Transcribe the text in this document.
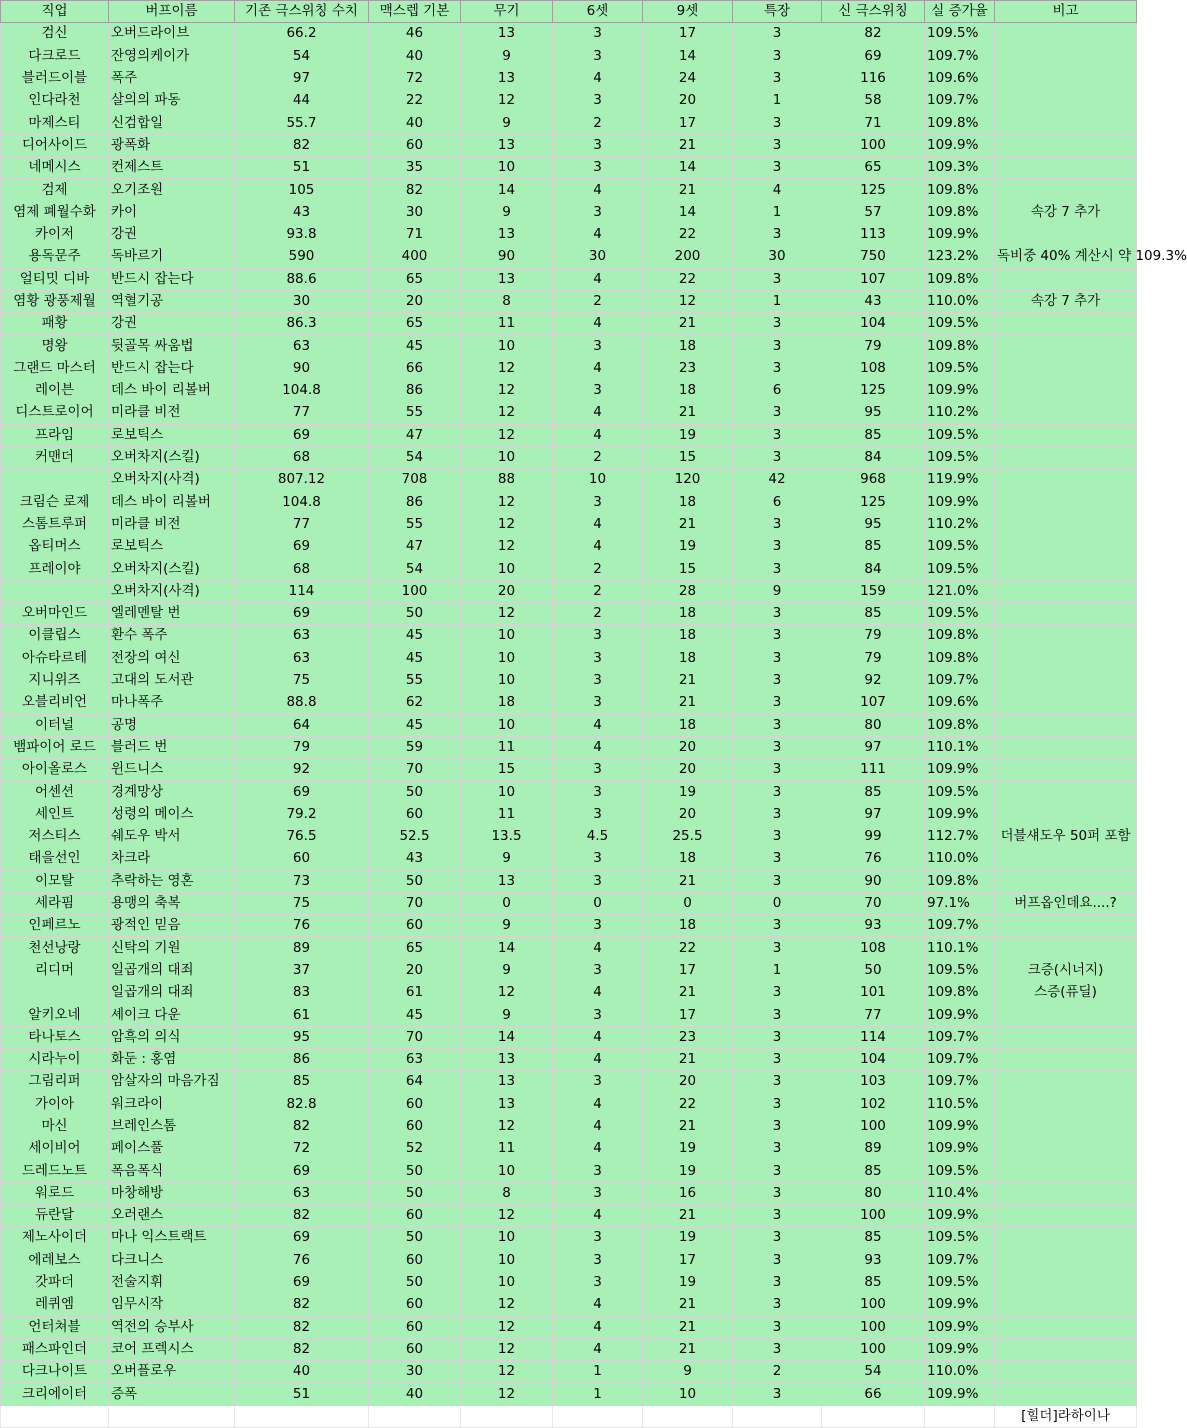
직업	버프이름	기존 극스위칭 수치	맥스렙 기본	무기	6셋	9셋	특장	신 극스위칭	실 증가율	비고
검신	오버드라이브	66.2	46	13	3	17	3	82	109.5%	
다크로드	잔영의케이가	54	40	9	3	14	3	69	109.7%	
블러드이블	폭주	97	72	13	4	24	3	116	109.6%	
인다라천	살의의 파동	44	22	12	3	20	1	58	109.7%	
마제스티	신검합일	55.7	40	9	2	17	3	71	109.8%	
디어사이드	광폭화	82	60	13	3	21	3	100	109.9%	
네메시스	컨제스트	51	35	10	3	14	3	65	109.3%	
검제	오기조원	105	82	14	4	21	4	125	109.8%	
염제 폐월수화	카이	43	30	9	3	14	1	57	109.8%	속강 7 추가
카이저	강권	93.8	71	13	4	22	3	113	109.9%	
용독문주	독바르기	590	400	90	30	200	30	750	123.2%	독비중 40% 계산시 약 109.3%
얼티밋 디바	반드시 잡는다	88.6	65	13	4	22	3	107	109.8%	
염황 광풍제월	역혈기공	30	20	8	2	12	1	43	110.0%	속강 7 추가
패황	강권	86.3	65	11	4	21	3	104	109.5%	
명왕	뒷골목 싸움법	63	45	10	3	18	3	79	109.8%	
그랜드 마스터	반드시 잡는다	90	66	12	4	23	3	108	109.5%	
레이븐	데스 바이 리볼버	104.8	86	12	3	18	6	125	109.9%	
디스트로이어	미라클 비전	77	55	12	4	21	3	95	110.2%	
프라임	로보틱스	69	47	12	4	19	3	85	109.5%	
커맨더	오버차지(스킬)	68	54	10	2	15	3	84	109.5%	
	오버차지(사격)	807.12	708	88	10	120	42	968	119.9%	
크림슨 로제	데스 바이 리볼버	104.8	86	12	3	18	6	125	109.9%	
스톰트루퍼	미라클 비전	77	55	12	4	21	3	95	110.2%	
옵티머스	로보틱스	69	47	12	4	19	3	85	109.5%	
프레이야	오버차지(스킬)	68	54	10	2	15	3	84	109.5%	
	오버차지(사격)	114	100	20	2	28	9	159	121.0%	
오버마인드	엘레멘탈 번	69	50	12	2	18	3	85	109.5%	
이클립스	환수 폭주	63	45	10	3	18	3	79	109.8%	
아슈타르테	전장의 여신	63	45	10	3	18	3	79	109.8%	
지니위즈	고대의 도서관	75	55	10	3	21	3	92	109.7%	
오블리비언	마나폭주	88.8	62	18	3	21	3	107	109.6%	
이터널	공명	64	45	10	4	18	3	80	109.8%	
뱀파이어 로드	블러드 번	79	59	11	4	20	3	97	110.1%	
아이올로스	윈드니스	92	70	15	3	20	3	111	109.9%	
어센션	경계망상	69	50	10	3	19	3	85	109.5%	
세인트	성령의 메이스	79.2	60	11	3	20	3	97	109.9%	
저스티스	쉐도우 박서	76.5	52.5	13.5	4.5	25.5	3	99	112.7%	더블섀도우 50퍼 포함
태을선인	차크라	60	43	9	3	18	3	76	110.0%	
이모탈	추락하는 영혼	73	50	13	3	21	3	90	109.8%	
세라핌	용맹의 축복	75	70	0	0	0	0	70	97.1%	버프옵인데요....?
인페르노	광적인 믿음	76	60	9	3	18	3	93	109.7%	
천선낭랑	신탁의 기원	89	65	14	4	22	3	108	110.1%	
리디머	일곱개의 대죄	37	20	9	3	17	1	50	109.5%	크증(시너지)
	일곱개의 대죄	83	61	12	4	21	3	101	109.8%	스증(퓨딜)
알키오네	셰이크 다운	61	45	9	3	17	3	77	109.9%	
타나토스	암흑의 의식	95	70	14	4	23	3	114	109.7%	
시라누이	화둔 : 홍염	86	63	13	4	21	3	104	109.7%	
그림리퍼	암살자의 마음가짐	85	64	13	3	20	3	103	109.7%	
가이아	워크라이	82.8	60	13	4	22	3	102	110.5%	
마신	브레인스톰	82	60	12	4	21	3	100	109.9%	
세이비어	페이스풀	72	52	11	4	19	3	89	109.9%	
드레드노트	폭음폭식	69	50	10	3	19	3	85	109.5%	
워로드	마창해방	63	50	8	3	16	3	80	110.4%	
듀란달	오러랜스	82	60	12	4	21	3	100	109.9%	
제노사이더	마나 익스트랙트	69	50	10	3	19	3	85	109.5%	
에레보스	다크니스	76	60	10	3	17	3	93	109.7%	
갓파더	전술지휘	69	50	10	3	19	3	85	109.5%	
레퀴엠	임무시작	82	60	12	4	21	3	100	109.9%	
언터쳐블	역전의 승부사	82	60	12	4	21	3	100	109.9%	
패스파인더	코어 프렉시스	82	60	12	4	21	3	100	109.9%	
다크나이트	오버플로우	40	30	12	1	9	2	54	110.0%	
크리에이터	증폭	51	40	12	1	10	3	66	109.9%	
										[힐더]라하이나
